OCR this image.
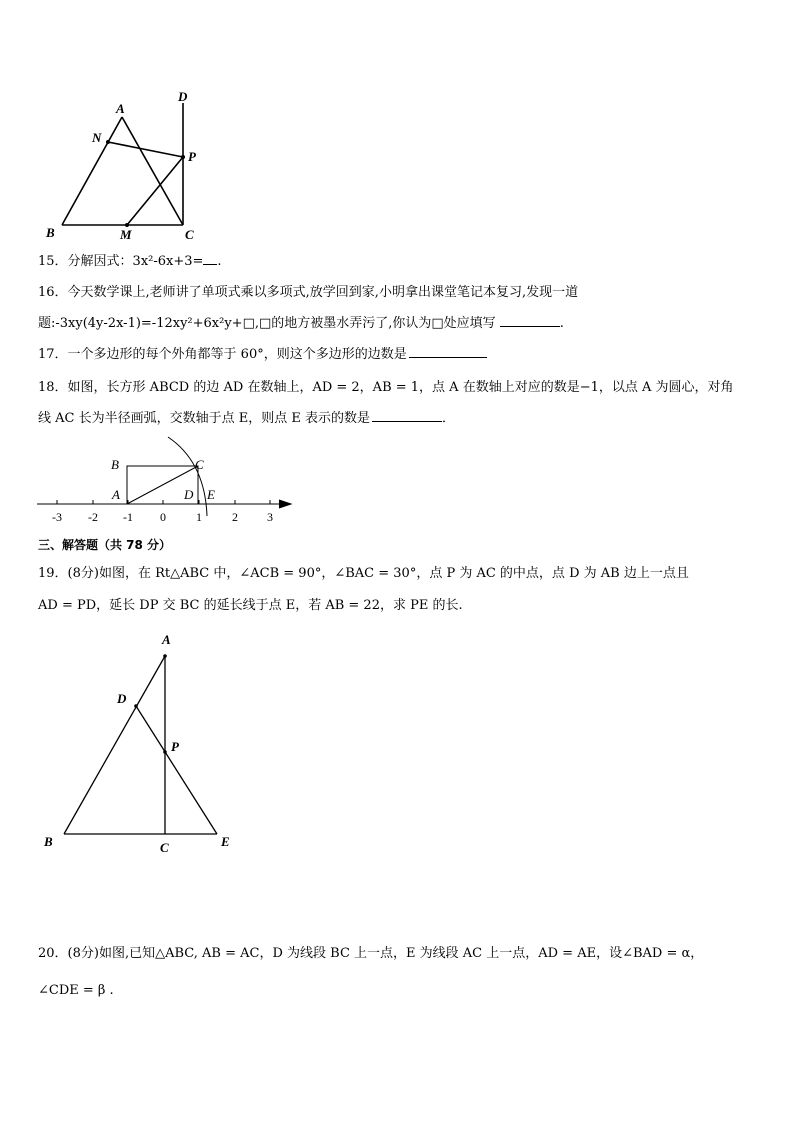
A
N
D
P
B	M	C
15．分解因式：3x²-6x+3= .
16．今天数学课上,老师讲了单项式乘以多项式,放学回到家,小明拿出课堂笔记本复习,发现一道
题:-3xy(4y-2x-1)=-12xy²+6x²y+□,□的地方被墨水弄污了,你认为□处应填写	.
17．一个多边形的每个外角都等于 60°，则这个多边形的边数是
18．如图，长方形 ABCD 的边 AD 在数轴上，AD = 2，AB = 1，点 A 在数轴上对应的数是−1，以点 A 为圆心，对角
线 AC 长为半径画弧，交数轴于点 E，则点 E 表示的数是	．
B	C
A	D E
-3 -2 -1 0	1	2 3
三、解答题（共 78 分）
19．(8分)如图，在 Rt△ABC 中，∠ACB = 90°，∠BAC = 30°，点 P 为 AC 的中点，点 D 为 AB 边上一点且
AD = PD，延长 DP 交 BC 的延长线于点 E，若 AB = 22，求 PE 的长.
A
D
P
B	C	E
20．(8分)如图,已知△ABC, AB = AC，D 为线段 BC 上一点，E 为线段 AC 上一点，AD = AE，设∠BAD = α，
∠CDE = β .
